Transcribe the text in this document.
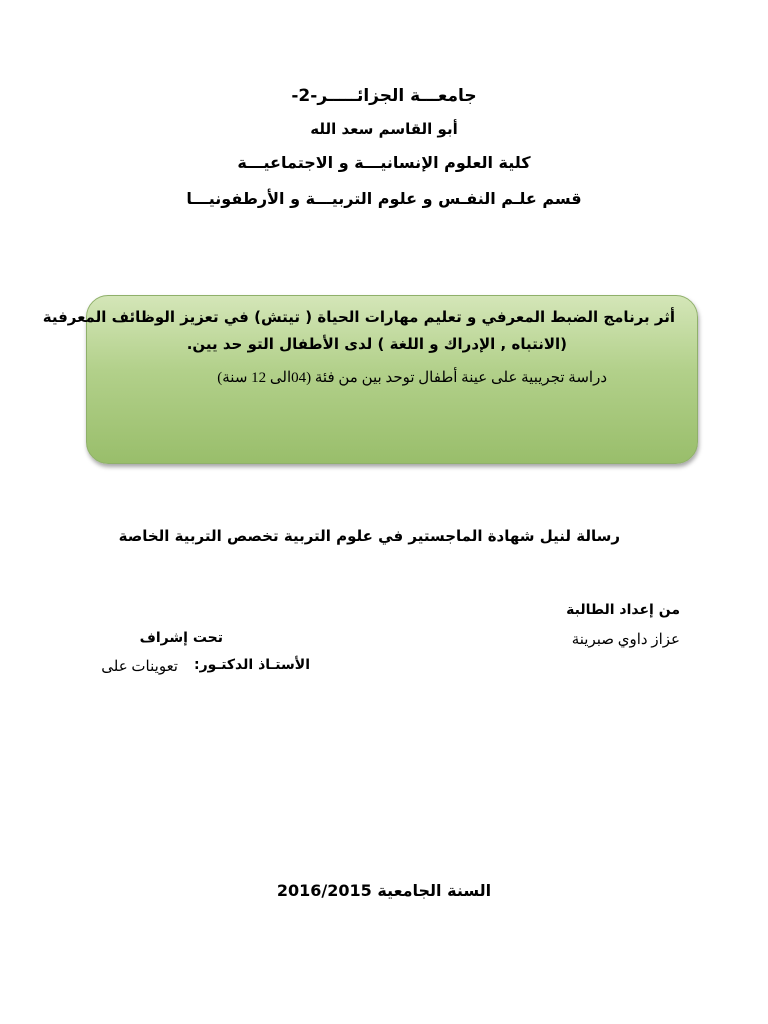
جامعـــة الجزائـــــر-2-
أبو القاسم سعد الله
كلية العلوم الإنسانيـــة و الاجتماعيـــة
قسم علـم النفـس و علوم التربيـــة و الأرطفونيـــا
أثر برنامج الضبط المعرفي و تعليم مهارات الحياة ( تيتش) في تعزيز الوظائف المعرفية
(الانتباه , الإدراك و اللغة ) لدى الأطفال التو حد يين.
دراسة تجريبية على عينة أطفال توحد بين من فئة (04الى 12 سنة)
رسالة لنيل شهادة الماجستير في علوم التربية تخصص التربية الخاصة
من إعداد الطالبة
عزاز داوي صبرينة
تحت إشراف
الأستـاذ الدكتـور:
تعوينات على
السنة الجامعية 2016/2015
